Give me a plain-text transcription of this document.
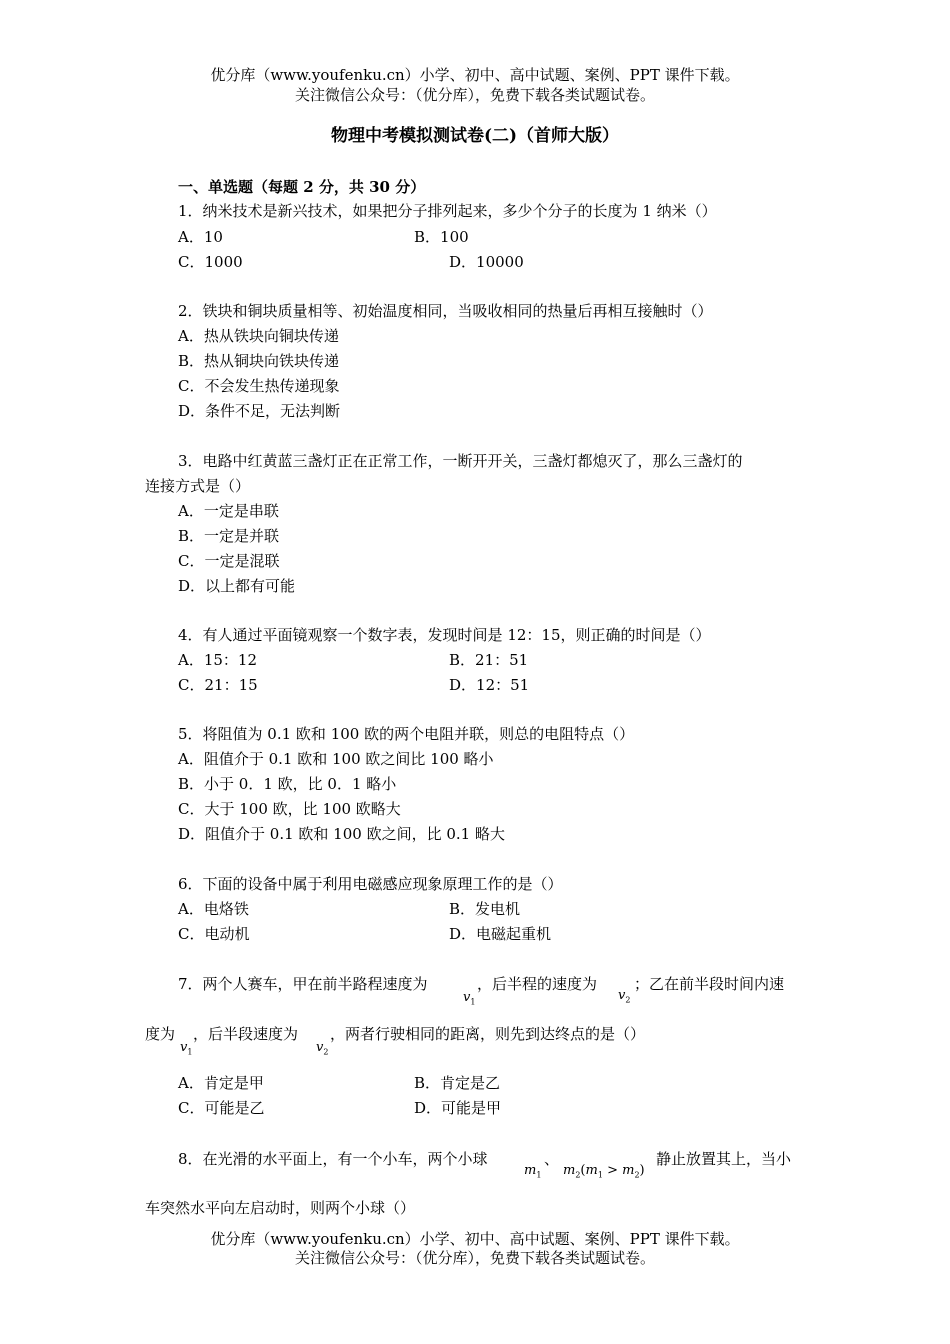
优分库（www.youfenku.cn）小学、初中、高中试题、案例、PPT 课件下载。
关注微信公众号：（优分库），免费下载各类试题试卷。
物理中考模拟测试卷(二)（首师大版）
一、单选题（每题 2 分，共 30 分）
1．纳米技术是新兴技术，如果把分子排列起来，多少个分子的长度为 1 纳米（）
A．10	B．100
C．1000	D．10000
2．铁块和铜块质量相等、初始温度相同，当吸收相同的热量后再相互接触时（）
A．热从铁块向铜块传递
B．热从铜块向铁块传递
C．不会发生热传递现象
D．条件不足，无法判断
3．电路中红黄蓝三盏灯正在正常工作，一断开开关，三盏灯都熄灭了，那么三盏灯的
连接方式是（）
A．一定是串联
B．一定是并联
C．一定是混联
D．以上都有可能
4．有人通过平面镜观察一个数字表，发现时间是 12：15，则正确的时间是（）
A．15：12	B．21：51
C．21：15	D．12：51
5．将阻值为 0.1 欧和 100 欧的两个电阻并联，则总的电阻特点（）
A．阻值介于 0.1 欧和 100 欧之间比 100 略小
B．小于 0．1 欧，比 0．1 略小
C．大于 100 欧，比 100 欧略大
D．阻值介于 0.1 欧和 100 欧之间，比 0.1 略大
6．下面的设备中属于利用电磁感应现象原理工作的是（）
A．电烙铁	B．发电机
C．电动机	D．电磁起重机
7．两个人赛车，甲在前半路程速度为
$v_1$
，后半程的速度为
$v_2$
；乙在前半段时间内速
度为
$v_1$
，后半段速度为
$v_2$
，两者行驶相同的距离，则先到达终点的是（）
A．肯定是甲	B．肯定是乙
C．可能是乙	D．可能是甲
8．在光滑的水平面上，有一个小车，两个小球
$m_1$
、
$m_2(m_1 > m_2)$
静止放置其上，当小
车突然水平向左启动时，则两个小球（）
优分库（www.youfenku.cn）小学、初中、高中试题、案例、PPT 课件下载。
关注微信公众号：（优分库），免费下载各类试题试卷。
